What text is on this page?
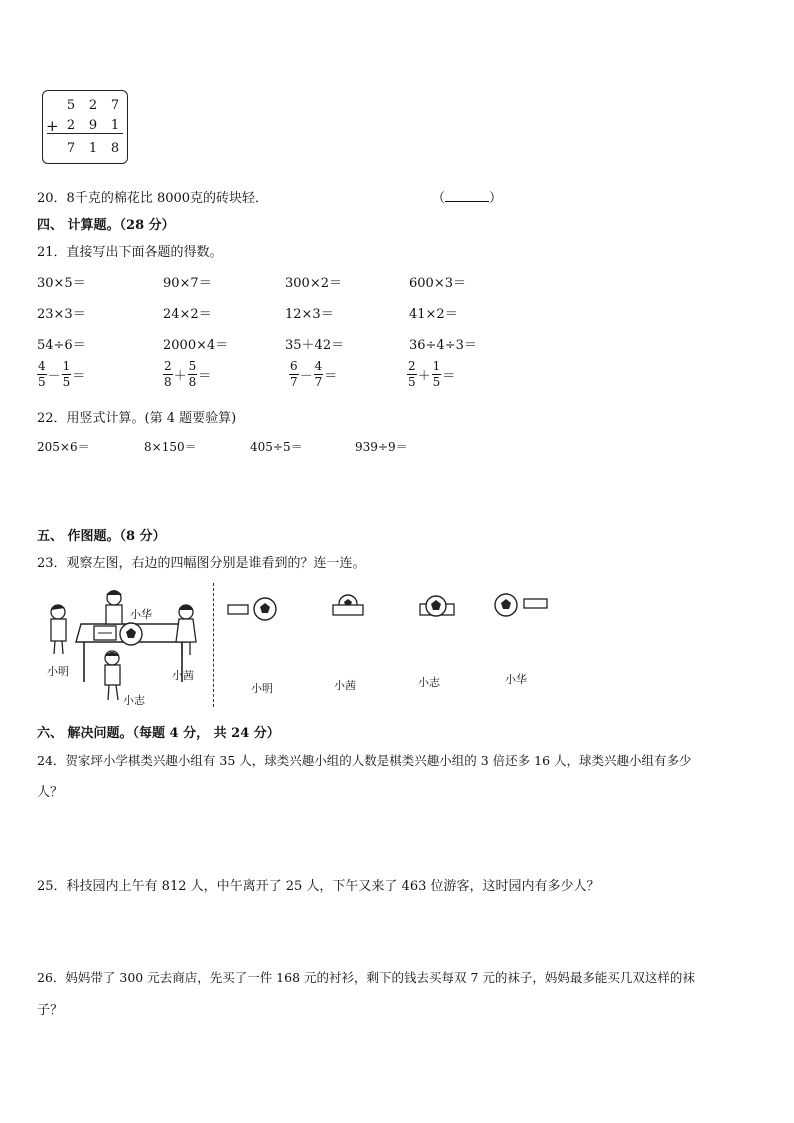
5 2 7
+ 2 9 1
7 1 8
20．8千克的棉花比 8000克的砖块轻．	（	）
四、 计算题。（28 分）
21．直接写出下面各题的得数。
30×5＝	90×7＝	300×2＝	600×3＝
23×3＝	24×2＝	12×3＝	41×2＝
54÷6＝	2000×4＝	35＋42＝	36÷4÷3＝
$\frac{4}{5} - \frac{1}{5}$ ＝	$\frac{2}{8} + \frac{5}{8}$ ＝	$\frac{6}{7} - \frac{4}{7}$ ＝	$\frac{2}{5} + \frac{1}{5}$ ＝
22．用竖式计算。(第 4 题要验算)
205×6＝	8×150＝	405÷5＝	939÷9＝
五、 作图题。（8 分）
23．观察左图，右边的四幅图分别是谁看到的？连一连。
小华
小明	小茜
小志
小明	小茜	小志	小华
六、 解决问题。（每题 4 分， 共 24 分）
24．贺家坪小学棋类兴趣小组有 35 人，球类兴趣小组的人数是棋类兴趣小组的 3 倍还多 16 人，球类兴趣小组有多少
人？
25．科技园内上午有 812 人，中午离开了 25 人，下午又来了 463 位游客，这时园内有多少人？
26．妈妈带了 300 元去商店，先买了一件 168 元的衬衫，剩下的钱去买每双 7 元的袜子，妈妈最多能买几双这样的袜
子？
